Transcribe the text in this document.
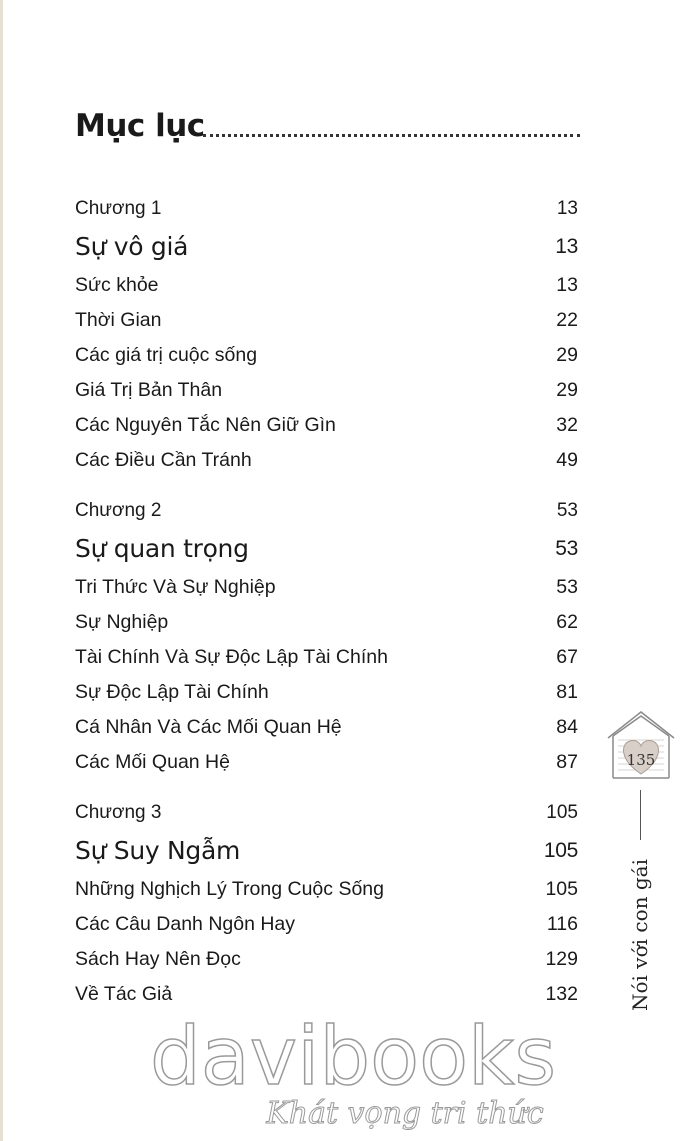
Mục lục
Chương 1	13
Sự vô giá	13
Sức khỏe	13
Thời Gian	22
Các giá trị cuộc sống	29
Giá Trị Bản Thân	29
Các Nguyên Tắc Nên Giữ Gìn	32
Các Điều Cần Tránh	49
Chương 2	53
Sự quan trọng	53
Tri Thức Và Sự Nghiệp	53
Sự Nghiệp	62
Tài Chính Và Sự Độc Lập Tài Chính	67
Sự Độc Lập Tài Chính	81
Cá Nhân Và Các Mối Quan Hệ	84
Các Mối Quan Hệ	87
Chương 3	105
Sự Suy Ngẫm	105
Những Nghịch Lý Trong Cuộc Sống	105
Các Câu Danh Ngôn Hay	116
Sách Hay Nên Đọc	129
Về Tác Giả	132
135
Nói với con gái
davibooks
Khát vọng tri thức
